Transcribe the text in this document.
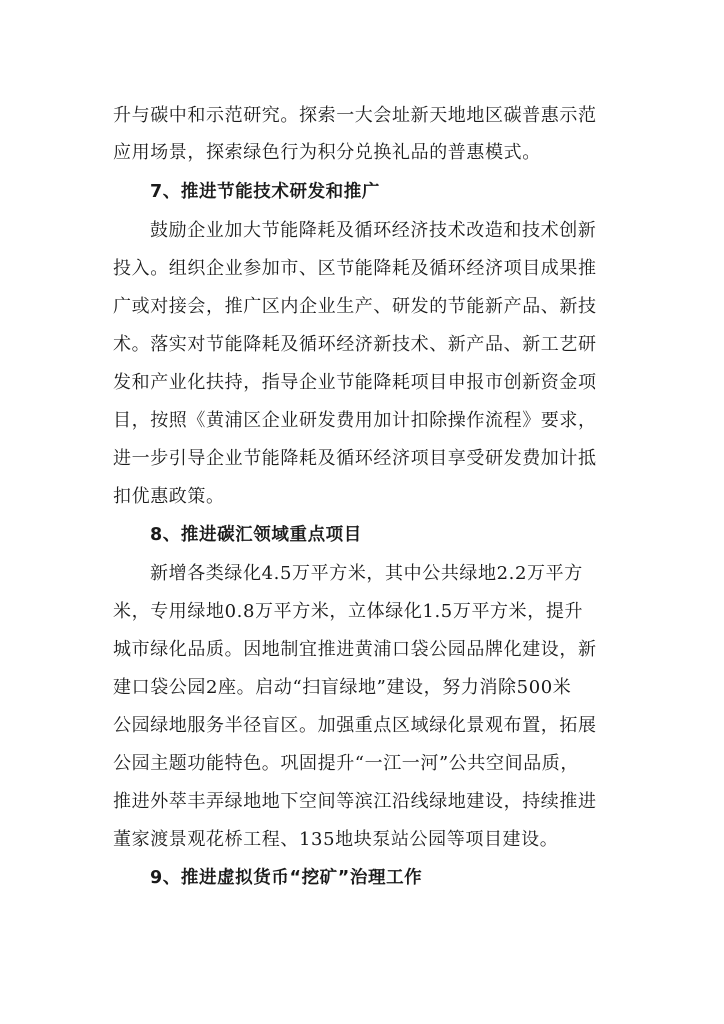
升与碳中和示范研究。探索一大会址新天地地区碳普惠示范
应用场景，探索绿色行为积分兑换礼品的普惠模式。
7、推进节能技术研发和推广
鼓励企业加大节能降耗及循环经济技术改造和技术创新
投入。组织企业参加市、区节能降耗及循环经济项目成果推
广或对接会，推广区内企业生产、研发的节能新产品、新技
术。落实对节能降耗及循环经济新技术、新产品、新工艺研
发和产业化扶持，指导企业节能降耗项目申报市创新资金项
目，按照《黄浦区企业研发费用加计扣除操作流程》要求，
进一步引导企业节能降耗及循环经济项目享受研发费加计抵
扣优惠政策。
8、推进碳汇领域重点项目
新增各类绿化4.5万平方米，其中公共绿地2.2万平方
米，专用绿地0.8万平方米，立体绿化1.5万平方米，提升
城市绿化品质。因地制宜推进黄浦口袋公园品牌化建设，新
建口袋公园2座。启动“扫盲绿地”建设，努力消除500米
公园绿地服务半径盲区。加强重点区域绿化景观布置，拓展
公园主题功能特色。巩固提升“一江一河”公共空间品质，
推进外萃丰弄绿地地下空间等滨江沿线绿地建设，持续推进
董家渡景观花桥工程、135地块泵站公园等项目建设。
9、推进虚拟货币“挖矿”治理工作
